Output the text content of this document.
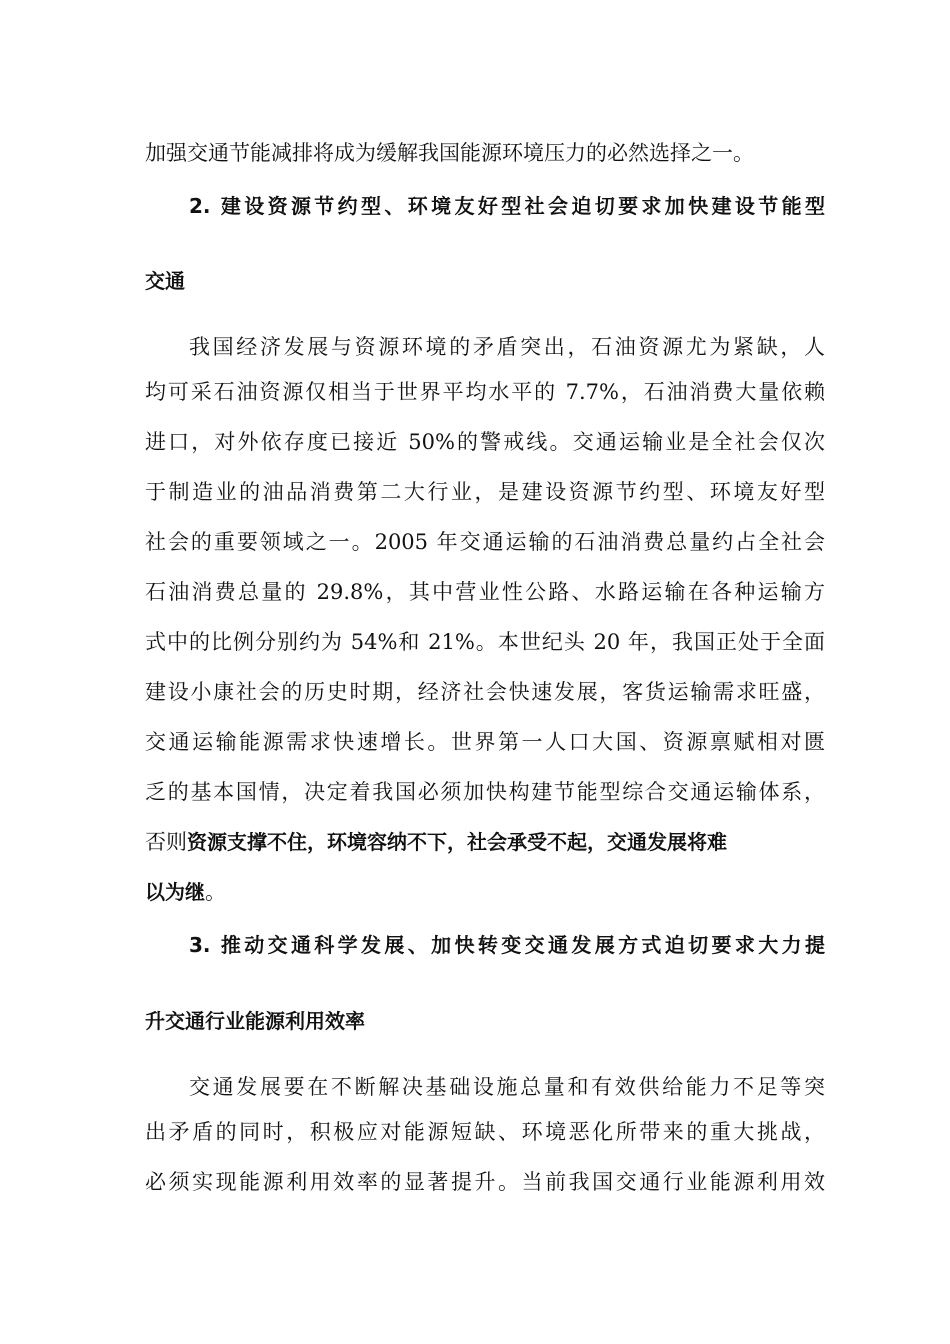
加强交通节能减排将成为缓解我国能源环境压力的必然选择之一。
2. 建设资源节约型、环境友好型社会迫切要求加快建设节能型
交通
我国经济发展与资源环境的矛盾突出，石油资源尤为紧缺，人
均可采石油资源仅相当于世界平均水平的 7.7%，石油消费大量依赖
进口，对外依存度已接近 50%的警戒线。交通运输业是全社会仅次
于制造业的油品消费第二大行业，是建设资源节约型、环境友好型
社会的重要领域之一。2005 年交通运输的石油消费总量约占全社会
石油消费总量的 29.8%，其中营业性公路、水路运输在各种运输方
式中的比例分别约为 54%和 21%。本世纪头 20 年，我国正处于全面
建设小康社会的历史时期，经济社会快速发展，客货运输需求旺盛，
交通运输能源需求快速增长。世界第一人口大国、资源禀赋相对匮
乏的基本国情，决定着我国必须加快构建节能型综合交通运输体系，
否则资源支撑不住，环境容纳不下，社会承受不起，交通发展将难
以为继。
3. 推动交通科学发展、加快转变交通发展方式迫切要求大力提
升交通行业能源利用效率
交通发展要在不断解决基础设施总量和有效供给能力不足等突
出矛盾的同时，积极应对能源短缺、环境恶化所带来的重大挑战，
必须实现能源利用效率的显著提升。当前我国交通行业能源利用效
